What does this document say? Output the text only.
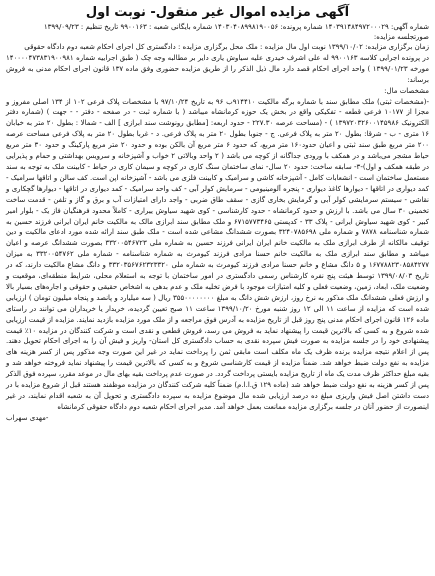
آگهی مزایده اموال غیر منقول- نوبت اول

شماره آگهی: ۱۴۰۳۹۱۴۸۴۹۷۲۰۰۰۲۹ شماره پرونده: ۱۴۰۳۰۴۰۸۹۹۸۱۹۰۰۵۶ شماره بایگانی شعبه : ۹۹۰۰۱۶۳ تاریخ تنظیم : ۱۳۹۹/۰۹/۲۳

صورتجلسه مزایده:

زمان برگزاری مزایده: ۱۳۹۹/۱۰/۰۲ نوبت اول مال مزایده : ملک محل برگزاری مزایده : دادگستری کل اجرای احکام شعبه دوم دادگاه حقوقی

در پرونده اجرایی کلاسه ۹۹۰۰۱۶۳ له علی اشرف خیدری علیه سیاوش یاری دایر بر مطالبه وجه چک ( طبق اجراییه شماره ۱۴۰۰۰۰۴۷۳۸۳۱۹۰۰۹۸۱ مورخه ۱۳۹۹/۰۱/۲۳ ) واحد اجرای احکام قصد دارد مال ذیل الذکر را از طریق مزایده حضوری وفق ماده ۱۳۷ قانون اجرای احکام مدنی به فروش برساند:

مشخصات مال:

-(مشخصات ثبتی) ملک مطابق سند با شماره برگه مالکیت ۹۱۴۴۱۰ب ۹۶ به تاریخ ۹۷/۱۰/۲۴ با مشخصات پلاک فرعی ۱۰۲ از ۱۳۴ اصلی مفروز و مجزا از ۱۰۱۷۷ فرعی قطعه - تفکیکی واقع در بخش یک حوزه کرمانشاه میباشد ( با شماره ثبت - در صفحه - دفتر - - جهت ) (شماره دفتر الکترونیک ۱۳۹۷۲۰۳۲۶۰۰۱۴۵۹۸۶ ) - (مساحت عرصه ۲۲۷.۳۰ - حدود اربعه: [مطابق رونوشت سند ابرازی ] الف - شمالا : بطول ۲۰ متر به خیابان ۱۶ متری - ب - شرقا: بطول ۲۰ متر به پلاک فرعی. ج - جنوبا بطول ۲۰ متر به پلاک فرعی. د - غربا بطول ۲۰ متر به پلاک فرعی مساحت عرصه ۲۰۰ متر مربع طبق سند ثبتی و اعیان حدود۱۶۰ متر مربع، که حدود ۶ متر مربع آن بالکن بوده و حدود ۲۰ متر مربع پارکینگ و حدود ۳۰ متر مربع حیاط مشجر می‌باشد و در همکف با ورودی جداگانه از کوچه می باشد ( ۲ واحد وبالاتی ۲ خواب و آشپزخانه و سرویس بهداشتی و حمام و پذیرایی در طبقه همکف و اول)-۳- سابقه ساخت: حدود ۲۰ سال- نمای ساختمان سنگ کاری در کوچه و سیمان کاری در حیاط - کابینت ملک به توجه به سند مستعمل ساختمان است - انشعابات کامل - آشپزخانه کاشی و سرامیک و کابینت فلزی می باشد - آشپزخانه اپن است. کف سالن و اتاقها سرامیک - کمد دیواری در اتاقها - دیوارها کاغذ دیواری - پنجره آلومینیومی - سرمایش کولر آبی - کف واحد سرامیک - کمد دیواری در اتاقها - دیوارها گچکاری و نقاشی - سیستم سرمایشی کولر آبی و گرمایش بخاری گازی - سقف طاق ضربی - واجد دارای امتیازات آب و برق و گاز و تلفن - قدمت ساخت تخمینی ۳۰ سال می باشد. با ارزش و حدود کرمانشاه - حدود کارشناسی - کوی شهید سیاوش ییراری - کاملاً محدود فرهنگیان فاز یک - بلوار امیر کبیر - کوی شهید سیاوش ایرانی - پلاک ۳۳ - کدپستی ۶۷۱۵۷۷۳۴۶۵ و ملک مطابق سند ابرازی مالک به مالکیت خانم ایران ایرانی فرزند حسین به شماره شناسنامه ۷۸۷۸ و شماره ملی ۳۲۴۰۷۸۵۶۹۸ بصورت ششدانگ مشاعی شده است - ملک طبق سند ارائه شده مورد ادعای مالکیت و دین توقیف مالکانه از طرف ابرازی ملک به مالکیت خانم ایران ایرانی فرزند حسین به شماره ملی ۳۳۲۰۰۵۴۶۷۲۳ بصورت ششدانگ عرصه و اعیان میباشد و مطابق سند ابرازی ملک به مالکیت خانم حسنا مرادی فرزند کیومرث به شماره شناسنامه - شماره ملی ۳۳۲۰۰۵۴۷۶۲ به میزان ۱۶۷۷۸۸۲۳۰۸۵۸۴۲۷۷ و ۵ دانگ مشاع و خانم حسنا مرادی فرزند کیومرث به شماره ملی ۳۳۲۰۳۵۶۷۶۲۳۲۳۳۲۰ و دانگ مشاع مالکیت دارند، که در تاریخ ۱۳۹۹/۰۸/۰۳ توسط هیئت پنج نفره کارشناس رسمی دادگستری در امور ساختمان با توجه به استعلام محلی، شرایط منطقه‌ای، موقعیت و وضعیت ملک، ابعاد، زمین، وضعیت فعلی و کلیه امتیازات موجود با فرض تخلیه ملک و عدم بدهی به اشخاص حقیقی و حقوقی و اجاره‌های بسیار بالا و ارزش فعلی ششدانگ ملک مذکور به نرخ روز، ارزش شش دانگ به مبلغ ۳۵۵۰۰۰۰۰۰۰۰ ریال ( سه میلیارد و پانصد و پنجاه میلیون تومان ) ارزیابی شده است که مزایده از ساعت ۱۱ الی ۱۲ روز شنبه مورخ ۱۳۹۹/۱۰/۲۰ ساعت ۱۱ صبح تعیین گردیده، خریدار یا خریداران می توانند در راستای ماده ۱۲۶ قانون اجرای احکام مدنی پنج روز قبل از تاریخ مزایده به آدرس فوق مراجعه و از ملک مورد مزایده بازدید نمایند. مزایده از قیمت ارزیابی شده شروع و به کسی که بالاترین قیمت را پیشنهاد نماید به فروش می رسد، فروش قطعی و نقدی است و شرکت کنندگان در مزایده ۱۰٪ قیمت پیشنهادی خود را در جلسه مزایده به صورت فیش سپرده نقدی به حساب دادگستری کل استان- واریز و فیش آن را به اجرای احکام تحویل دهند. پس از اعلام نتیجه مزایده برنده ظرف یک ماه مکلف است مابقی ثمن را پرداخت نماید در غیر این صورت وجه مذکور پس از کسر هزینه های مزایده به نفع دولت ضبط خواهد شد. ضمناً مزایده از قیمت کارشناسی شروع و به کسی که بالاترین قیمت را پیشنهاد نماید فروخته خواهد شد و بقیه مبلغ حداکثر ظرف مدت یک ماه از تاریخ مزایده بایستی پرداخت گردد. در صورت عدم پرداخت بقیه بهای مال در موعد مقرر، سپرده فوق الذکر پس از کسر هزینه به نفع دولت ضبط خواهد شد (ماده ۱۲۹ ق.ا.ا.م) ضمناً کلیه شرکت کنندگان در مزایده موظفند هستند قبل از شروع مزایده با در دست داشتن اصل فیش واریزی مبلغ ده درصد ارزیابی شده مال موضوع مزایده به سپرده دادگستری و تحویل آن به شعبه اقدام نمایند، در غیر اینصورت از حضور آنان در جلسه برگزاری مزایده ممانعت بعمل خواهد آمد. مدیر اجرای احکام شعبه دوم دادگاه حقوقی کرمانشاه

-مهدی سهراب
